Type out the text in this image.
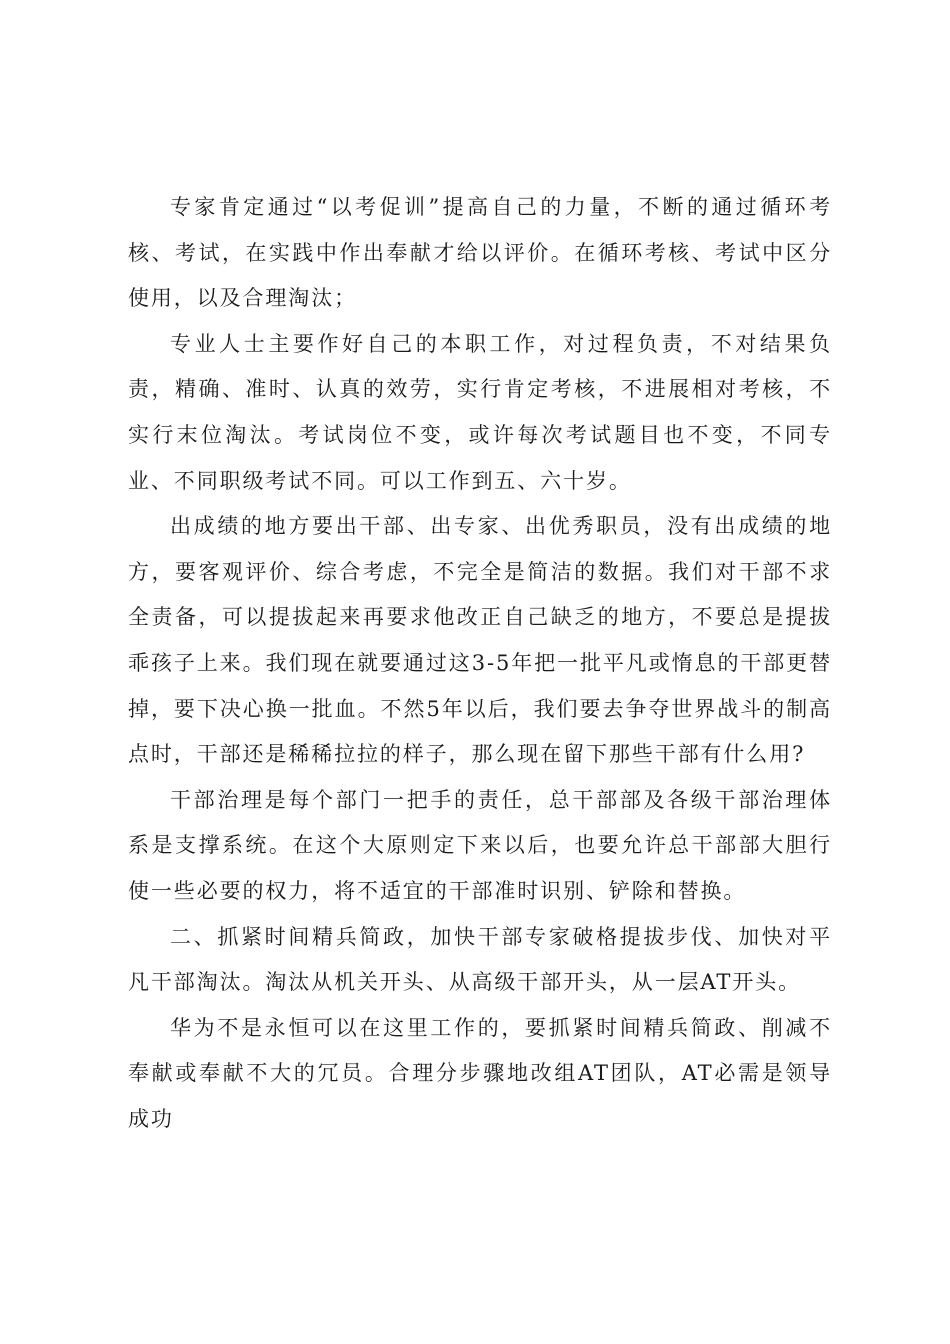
专家肯定通过“以考促训”提高自己的力量，不断的通过循环考核、考试，在实践中作出奉献才给以评价。在循环考核、考试中区分使用，以及合理淘汰；

专业人士主要作好自己的本职工作，对过程负责，不对结果负责，精确、准时、认真的效劳，实行肯定考核，不进展相对考核，不实行末位淘汰。考试岗位不变，或许每次考试题目也不变，不同专业、不同职级考试不同。可以工作到五、六十岁。

出成绩的地方要出干部、出专家、出优秀职员，没有出成绩的地方，要客观评价、综合考虑，不完全是简洁的数据。我们对干部不求全责备，可以提拔起来再要求他改正自己缺乏的地方，不要总是提拔乖孩子上来。我们现在就要通过这3-5年把一批平凡或惰息的干部更替掉，要下决心换一批血。不然5年以后，我们要去争夺世界战斗的制高点时，干部还是稀稀拉拉的样子，那么现在留下那些干部有什么用?

干部治理是每个部门一把手的责任，总干部部及各级干部治理体系是支撑系统。在这个大原则定下来以后，也要允许总干部部大胆行使一些必要的权力，将不适宜的干部准时识别、铲除和替换。

二、抓紧时间精兵简政，加快干部专家破格提拔步伐、加快对平凡干部淘汰。淘汰从机关开头、从高级干部开头，从一层AT开头。

华为不是永恒可以在这里工作的，要抓紧时间精兵简政、削减不奉献或奉献不大的冗员。合理分步骤地改组AT团队，AT必需是领导成功
